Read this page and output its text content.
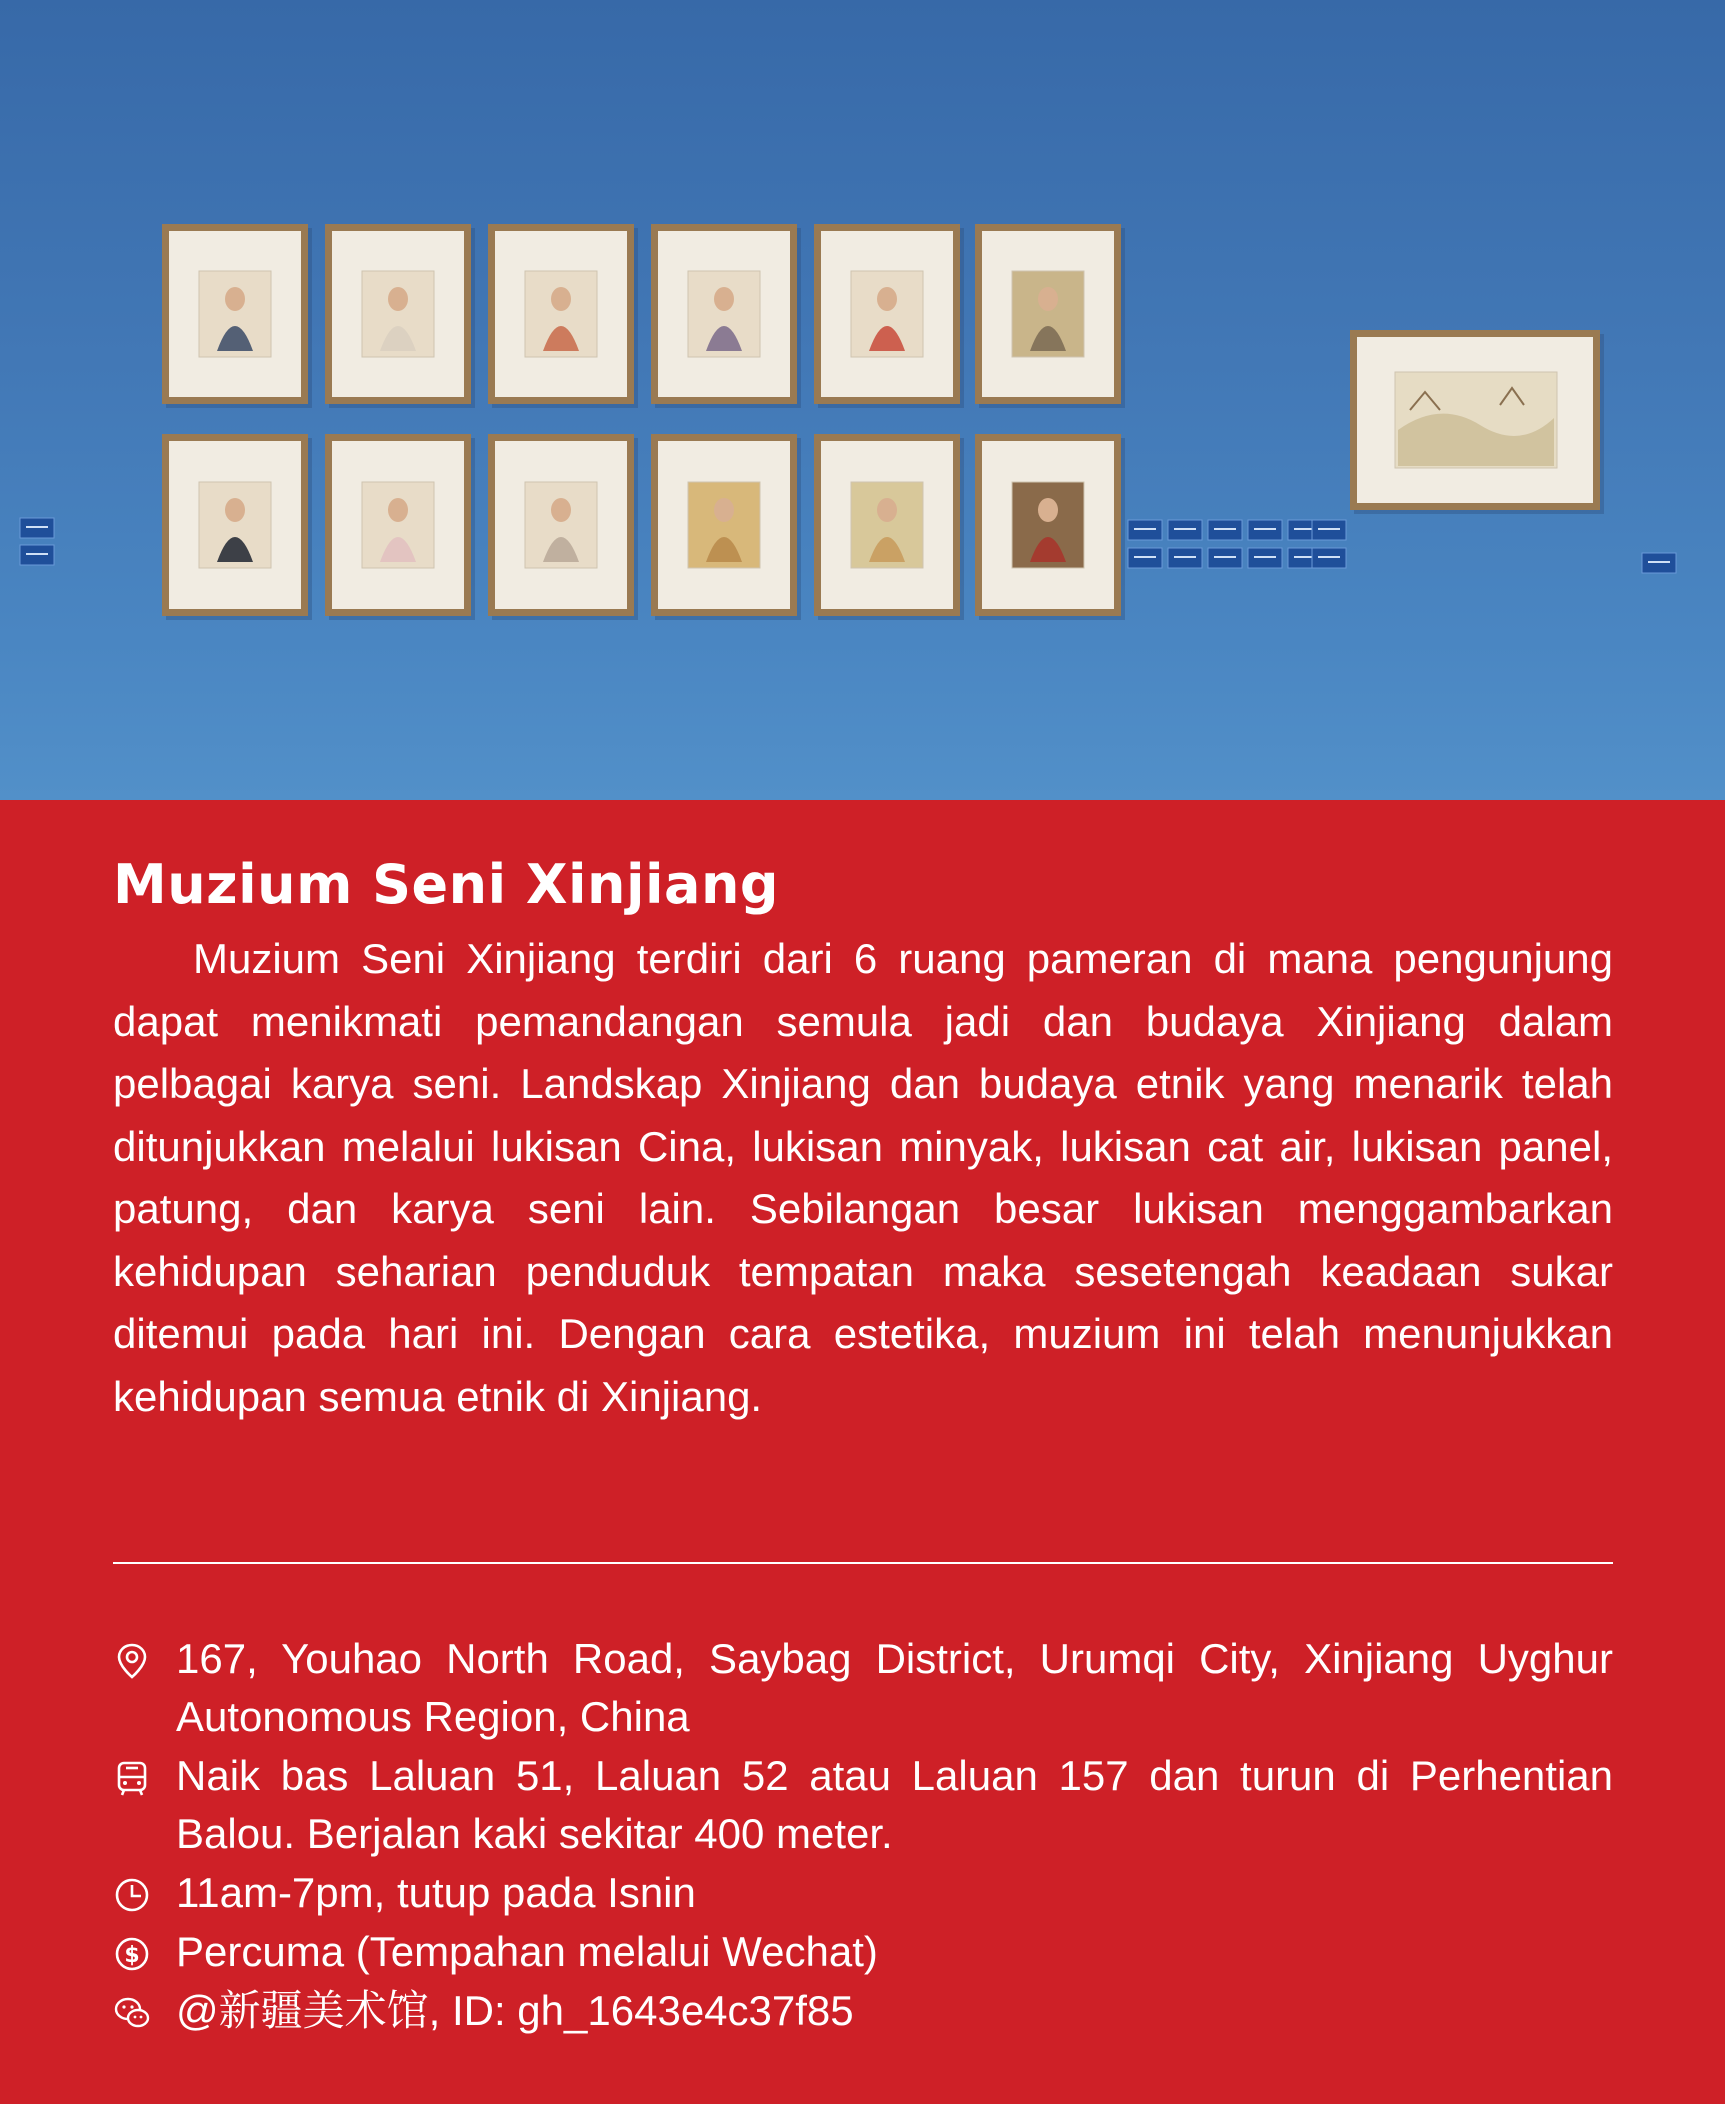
Muzium Seni Xinjiang

Muzium Seni Xinjiang terdiri dari 6 ruang pameran di mana pengunjung dapat menikmati pemandangan semula jadi dan budaya Xinjiang dalam pelbagai karya seni. Landskap Xinjiang dan budaya etnik yang menarik telah ditunjukkan melalui lukisan Cina, lukisan minyak, lukisan cat air, lukisan panel, patung, dan karya seni lain. Sebilangan besar lukisan menggambarkan kehidupan seharian penduduk tempatan maka sesetengah keadaan sukar ditemui pada hari ini. Dengan cara estetika, muzium ini telah menunjukkan kehidupan semua etnik di Xinjiang.

167, Youhao North Road, Saybag District, Urumqi City, Xinjiang Uyghur Autonomous Region, China
Naik bas Laluan 51, Laluan 52 atau Laluan 157 dan turun di Perhentian Balou. Berjalan kaki sekitar 400 meter.
11am-7pm, tutup pada Isnin
$ Percuma (Tempahan melalui Wechat)
@新疆美术馆, ID: gh_1643e4c37f85
